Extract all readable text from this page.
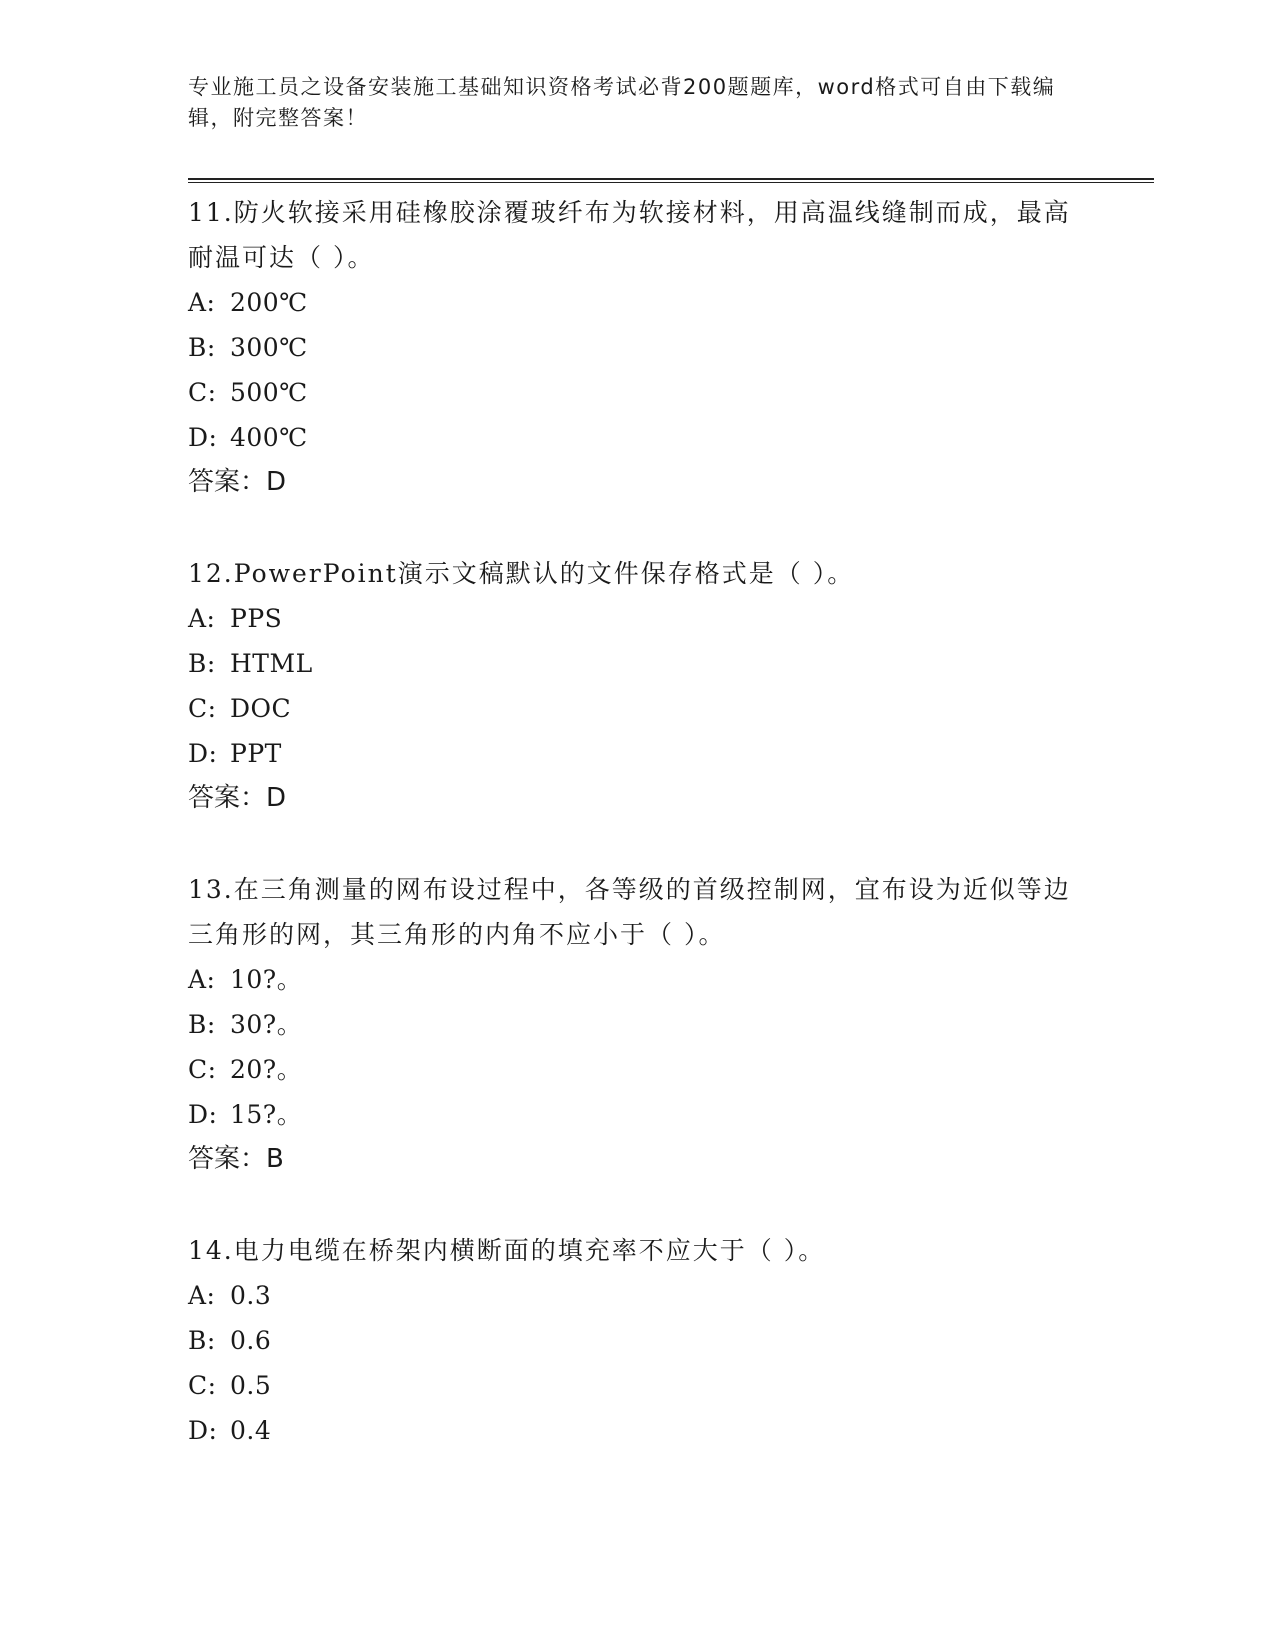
专业施工员之设备安装施工基础知识资格考试必背200题题库，word格式可自由下载编辑，附完整答案！

11.防火软接采用硅橡胶涂覆玻纤布为软接材料，用高温线缝制而成，最高耐温可达（ ）。

A: 200℃

B: 300℃

C: 500℃

D: 400℃

答案：D

12.PowerPoint演示文稿默认的文件保存格式是（ ）。

A: PPS

B: HTML

C: DOC

D: PPT

答案：D

13.在三角测量的网布设过程中，各等级的首级控制网，宜布设为近似等边三角形的网，其三角形的内角不应小于（ ）。

A: 10?。

B: 30?。

C: 20?。

D: 15?。

答案：B

14.电力电缆在桥架内横断面的填充率不应大于（ ）。

A: 0.3

B: 0.6

C: 0.5

D: 0.4
